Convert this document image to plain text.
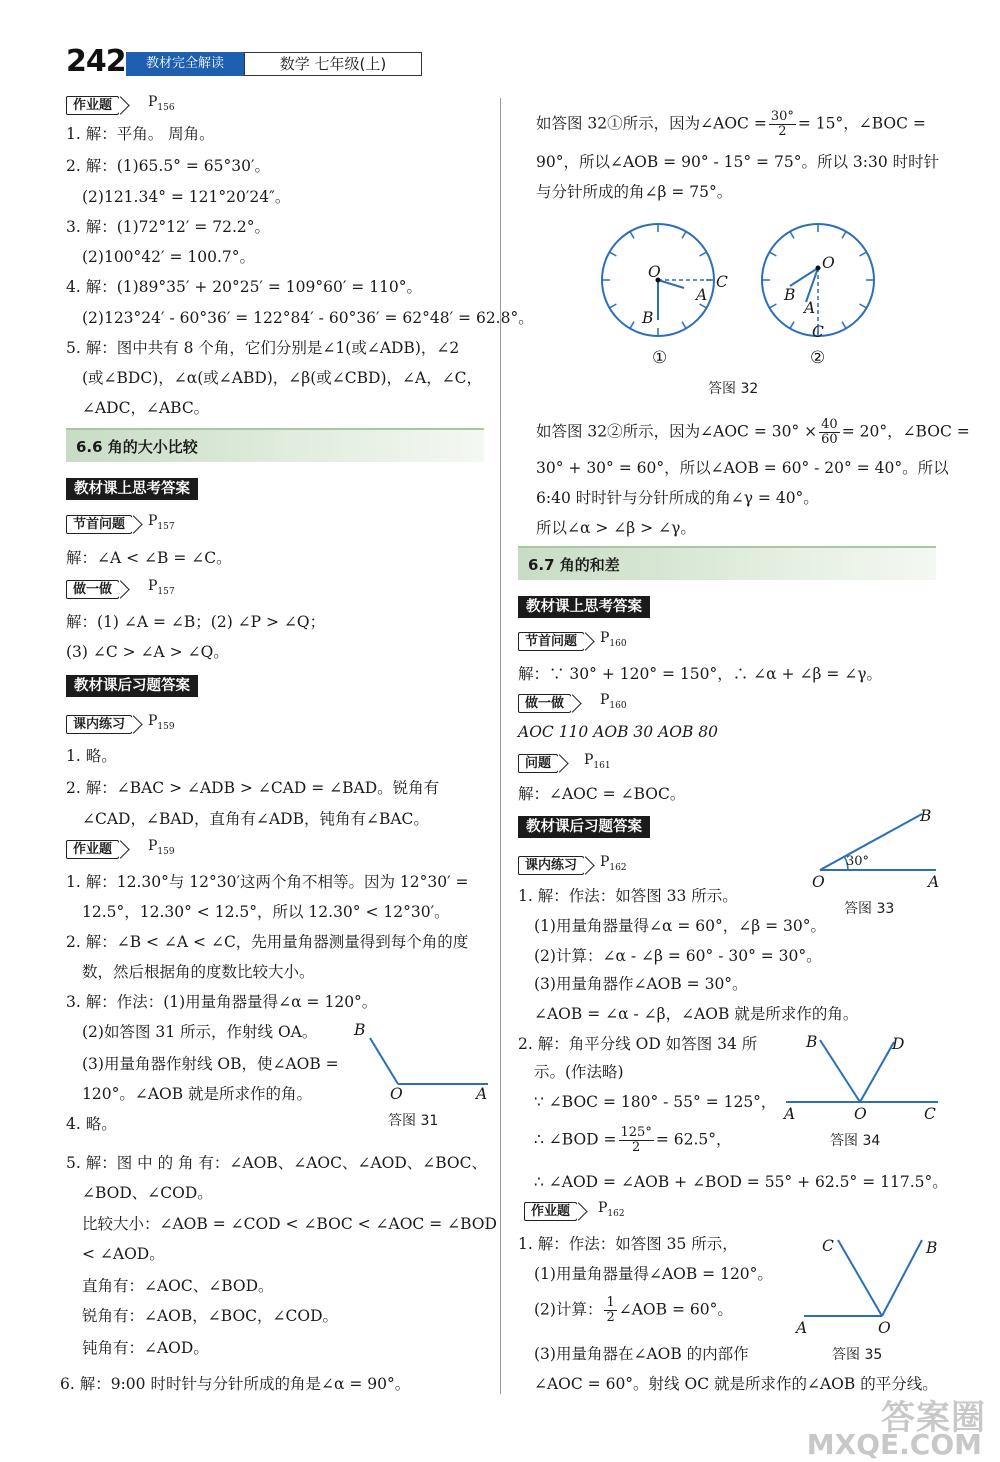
242	教材完全解读	数学 七年级(上)
作业题	$P_{156}$
1. 解：平角。 周角。
2. 解：(1)65.5° = 65°30′。
(2)121.34° = 121°20′24″。
3. 解：(1)72°12′ = 72.2°。
(2)100°42′ = 100.7°。
4. 解：(1)89°35′ + 20°25′ = 109°60′ = 110°。
(2)123°24′ - 60°36′ = 122°84′ - 60°36′ = 62°48′ = 62.8°。
5. 解：图中共有 8 个角，它们分别是∠1(或∠ADB)，∠2
(或∠BDC)，∠α(或∠ABD)，∠β(或∠CBD)，∠A，∠C，
∠ADC，∠ABC。
6.6 角的大小比较
教材课上思考答案
节首问题	$P_{157}$
解：∠A < ∠B = ∠C。
做一做	$P_{157}$
解：(1) ∠A = ∠B；(2) ∠P > ∠Q；
(3) ∠C > ∠A > ∠Q。
教材课后习题答案
课内练习	$P_{159}$
1. 略。
2. 解：∠BAC > ∠ADB > ∠CAD = ∠BAD。锐角有
∠CAD，∠BAD，直角有∠ADB，钝角有∠BAC。
作业题	$P_{159}$
1. 解：12.30°与 12°30′这两个角不相等。因为 12°30′ =
12.5°，12.30° < 12.5°，所以 12.30° < 12°30′。
2. 解：∠B < ∠A < ∠C，先用量角器测量得到每个角的度
数，然后根据角的度数比较大小。
3. 解：作法：(1)用量角器量得∠α = 120°。
(2)如答图 31 所示，作射线 OA。
(3)用量角器作射线 OB，使∠AOB =
120°。∠AOB 就是所求作的角。
4. 略。
B
O	A
答图 31
5. 解：图 中 的 角 有：∠AOB、∠AOC、∠AOD、∠BOC、
∠BOD、∠COD。
比较大小：∠AOB = ∠COD < ∠BOC < ∠AOC = ∠BOD
< ∠AOD。
直角有：∠AOC、∠BOD。
锐角有：∠AOB，∠BOC，∠COD。
钝角有：∠AOD。
6. 解：9:00 时时针与分针所成的角是∠α = 90°。
如答图 32①所示，因为∠AOC = $\frac{30^\circ}{2} = 15^\circ$，∠BOC =
90°，所以∠AOB = 90° - 15° = 75°。所以 3:30 时时针
与分针所成的角∠β = 75°。
O
C
A
B
O
B
A
C
①	②
答图 32
如答图 32②所示，因为∠AOC = $30^\circ \times \frac{40}{60} = 20^\circ$，∠BOC =
30° + 30° = 60°，所以∠AOB = 60° - 20° = 40°。所以
6:40 时时针与分针所成的角∠γ = 40°。
所以∠α > ∠β > ∠γ。
6.7 角的和差
教材课上思考答案
节首问题	$P_{160}$
解：∵ 30° + 120° = 150°，∴ ∠α + ∠β = ∠γ。
做一做	$P_{160}$
AOC 110 AOB 30 AOB 80
问题	$P_{161}$
解：∠AOC = ∠BOC。
教材课后习题答案
课内练习	$P_{162}$
B
30°
O	A
答图 33
1. 解：作法：如答图 33 所示。
(1)用量角器量得∠α = 60°，∠β = 30°。
(2)计算：∠α - ∠β = 60° - 30° = 30°。
(3)用量角器作∠AOB = 30°。
∠AOB = ∠α - ∠β，∠AOB 就是所求作的角。
2. 解：角平分线 OD 如答图 34 所
示。(作法略)
B	D
A	O	C
答图 34
∵ ∠BOC = 180° - 55° = 125°，
∴ ∠BOD = $\frac{125^\circ}{2} = 62.5^\circ$，
∴ ∠AOD = ∠AOB + ∠BOD = 55° + 62.5° = 117.5°。
作业题	$P_{162}$
1. 解：作法：如答图 35 所示，
(1)用量角器量得∠AOB = 120°。
(2)计算： $\frac{1}{2}$ ∠AOB = 60°。
C	B
A	O
答图 35
(3)用量角器在∠AOB 的内部作
∠AOC = 60°。射线 OC 就是所求作的∠AOB 的平分线。
答案圈
MXQE.COM
